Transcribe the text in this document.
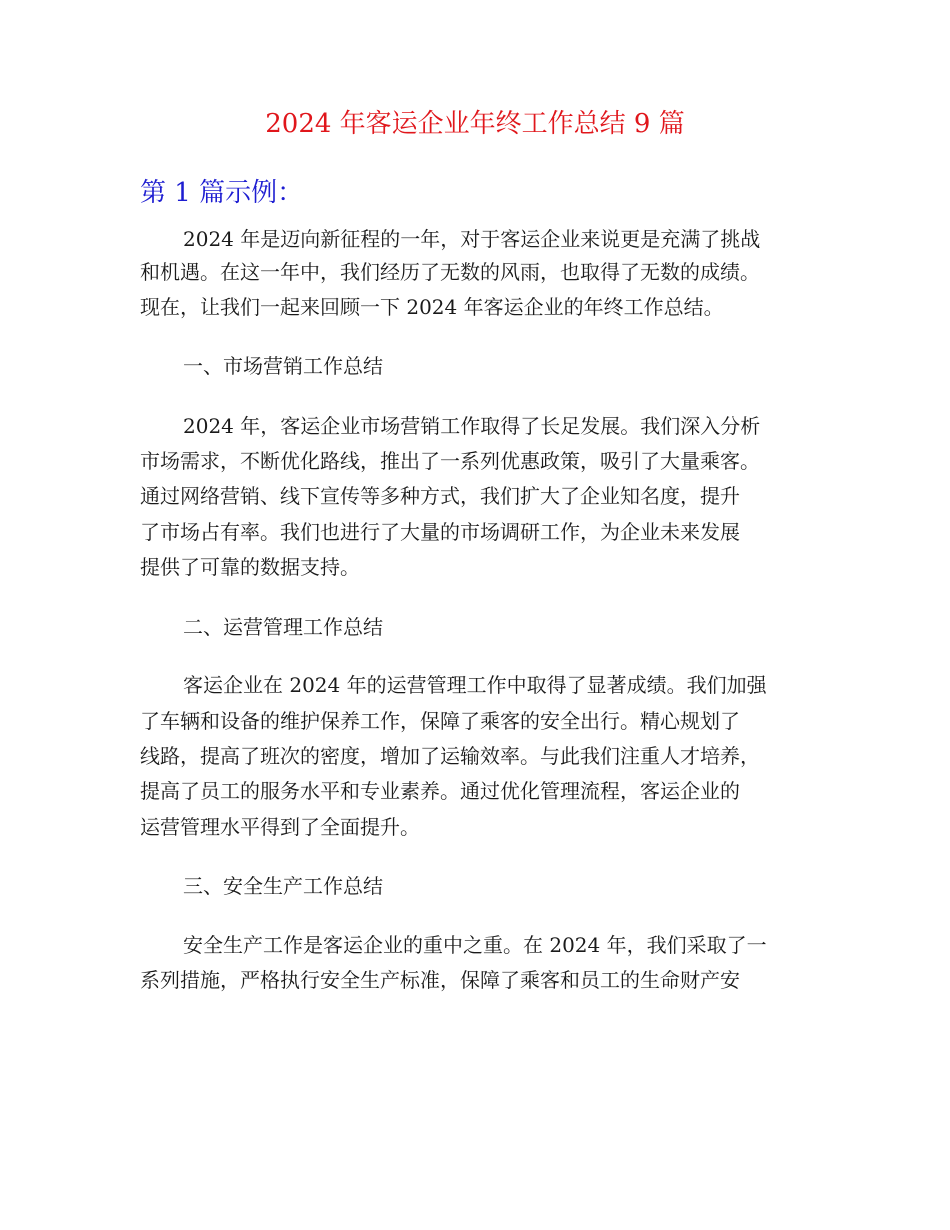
2024 年客运企业年终工作总结 9 篇
第 1 篇示例：
2024 年是迈向新征程的一年，对于客运企业来说更是充满了挑战
和机遇。在这一年中，我们经历了无数的风雨，也取得了无数的成绩。
现在，让我们一起来回顾一下 2024 年客运企业的年终工作总结。
一、市场营销工作总结
2024 年，客运企业市场营销工作取得了长足发展。我们深入分析
市场需求，不断优化路线，推出了一系列优惠政策，吸引了大量乘客。
通过网络营销、线下宣传等多种方式，我们扩大了企业知名度，提升
了市场占有率。我们也进行了大量的市场调研工作，为企业未来发展
提供了可靠的数据支持。
二、运营管理工作总结
客运企业在 2024 年的运营管理工作中取得了显著成绩。我们加强
了车辆和设备的维护保养工作，保障了乘客的安全出行。精心规划了
线路，提高了班次的密度，增加了运输效率。与此我们注重人才培养，
提高了员工的服务水平和专业素养。通过优化管理流程，客运企业的
运营管理水平得到了全面提升。
三、安全生产工作总结
安全生产工作是客运企业的重中之重。在 2024 年，我们采取了一
系列措施，严格执行安全生产标准，保障了乘客和员工的生命财产安
